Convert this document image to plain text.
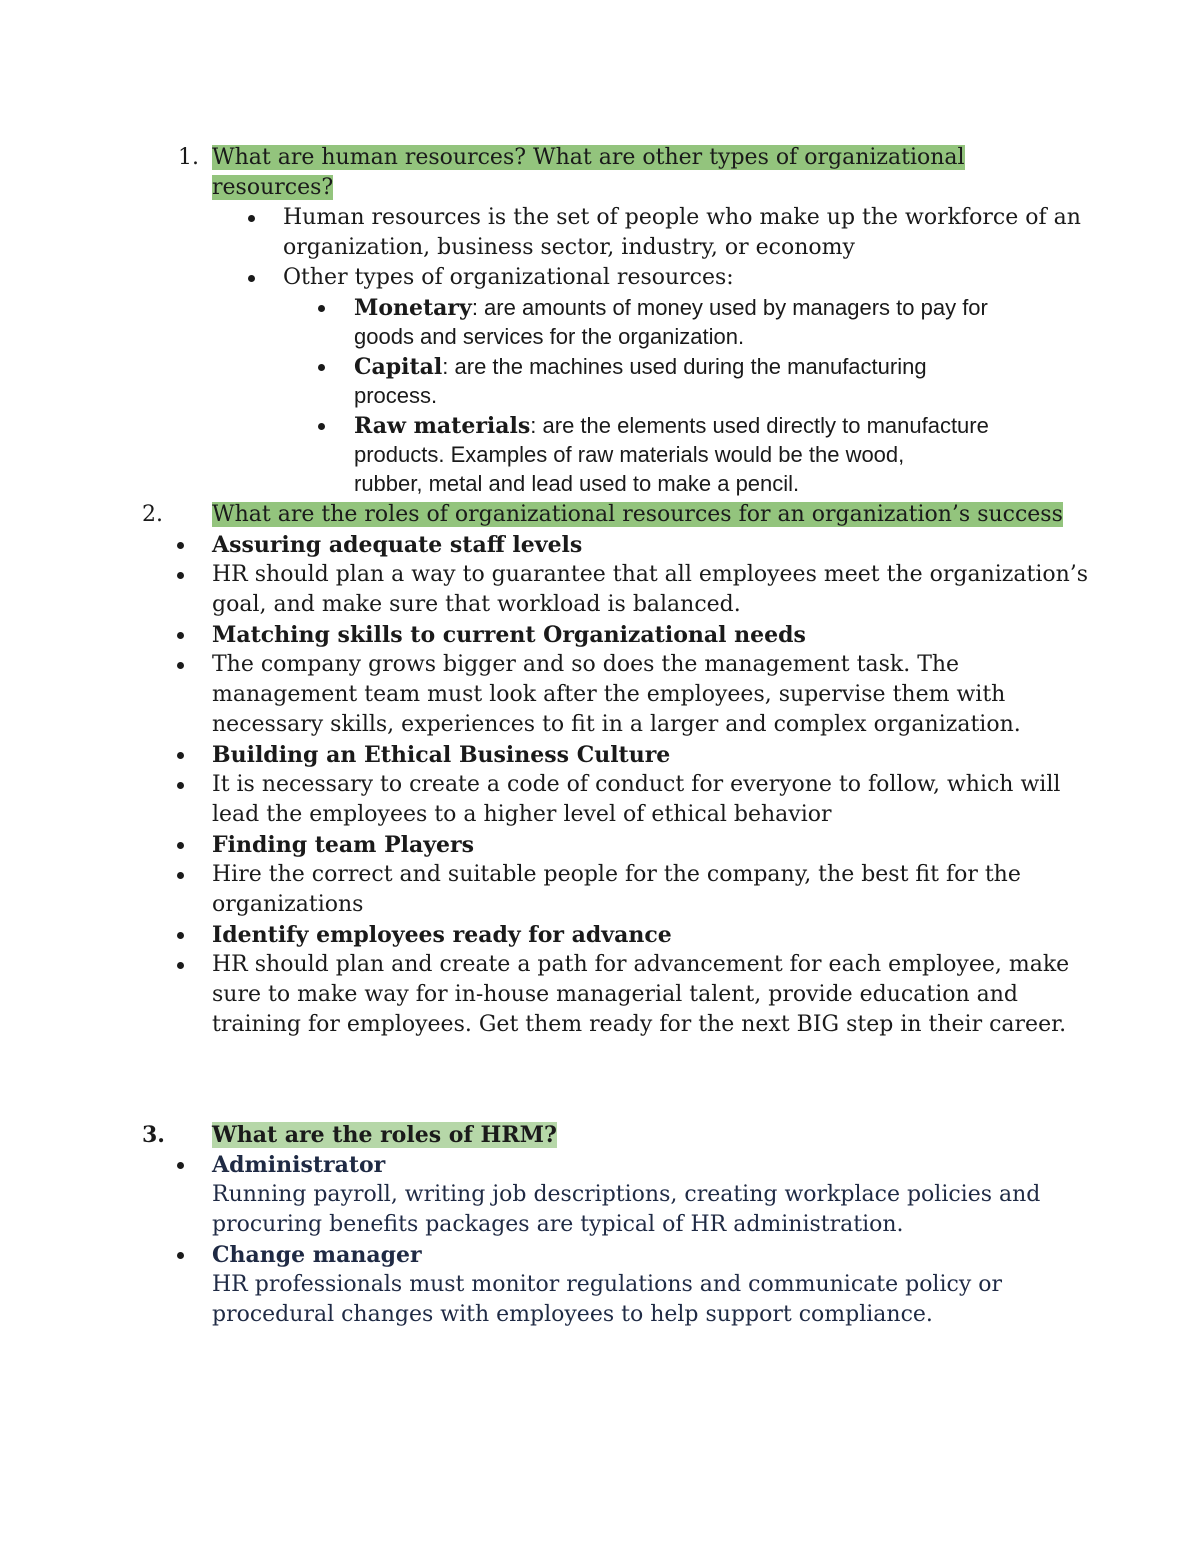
1. What are human resources? What are other types of organizational
resources?
Human resources is the set of people who make up the workforce of an
organization, business sector, industry, or economy
Other types of organizational resources:
Monetary: are amounts of money used by managers to pay for
goods and services for the organization.
Capital: are the machines used during the manufacturing
process.
Raw materials: are the elements used directly to manufacture
products. Examples of raw materials would be the wood,
rubber, metal and lead used to make a pencil.
2. What are the roles of organizational resources for an organization’s success
Assuring adequate staff levels
HR should plan a way to guarantee that all employees meet the organization’s
goal, and make sure that workload is balanced.
Matching skills to current Organizational needs
The company grows bigger and so does the management task. The
management team must look after the employees, supervise them with
necessary skills, experiences to fit in a larger and complex organization.
Building an Ethical Business Culture
It is necessary to create a code of conduct for everyone to follow, which will
lead the employees to a higher level of ethical behavior
Finding team Players
Hire the correct and suitable people for the company, the best fit for the
organizations
Identify employees ready for advance
HR should plan and create a path for advancement for each employee, make
sure to make way for in-house managerial talent, provide education and
training for employees. Get them ready for the next BIG step in their career.
3. What are the roles of HRM?
Administrator
Running payroll, writing job descriptions, creating workplace policies and
procuring benefits packages are typical of HR administration.
Change manager
HR professionals must monitor regulations and communicate policy or
procedural changes with employees to help support compliance.
